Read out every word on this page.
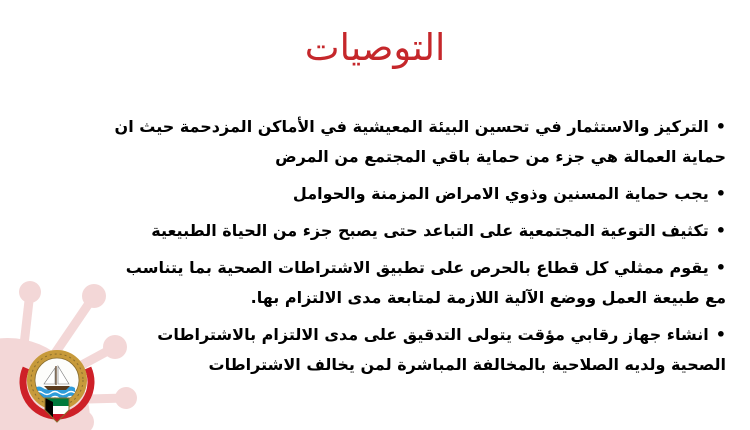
التوصيات

•التركيز والاستثمار في تحسين البيئة المعيشية في الأماكن المزدحمة حيث ان حماية العمالة هي جزء من حماية باقي المجتمع من المرض

•يجب حماية المسنين وذوي الامراض المزمنة والحوامل

•تكثيف التوعية المجتمعية على التباعد حتى يصبح جزء من الحياة الطبيعية

•يقوم ممثلي كل قطاع بالحرص على تطبيق الاشتراطات الصحية بما يتناسب مع طبيعة العمل ووضع الآلية اللازمة لمتابعة مدى الالتزام بها.

•انشاء جهاز رقابي مؤقت يتولى التدقيق على مدى الالتزام بالاشتراطات الصحية ولديه الصلاحية بالمخالفة المباشرة لمن يخالف الاشتراطات
